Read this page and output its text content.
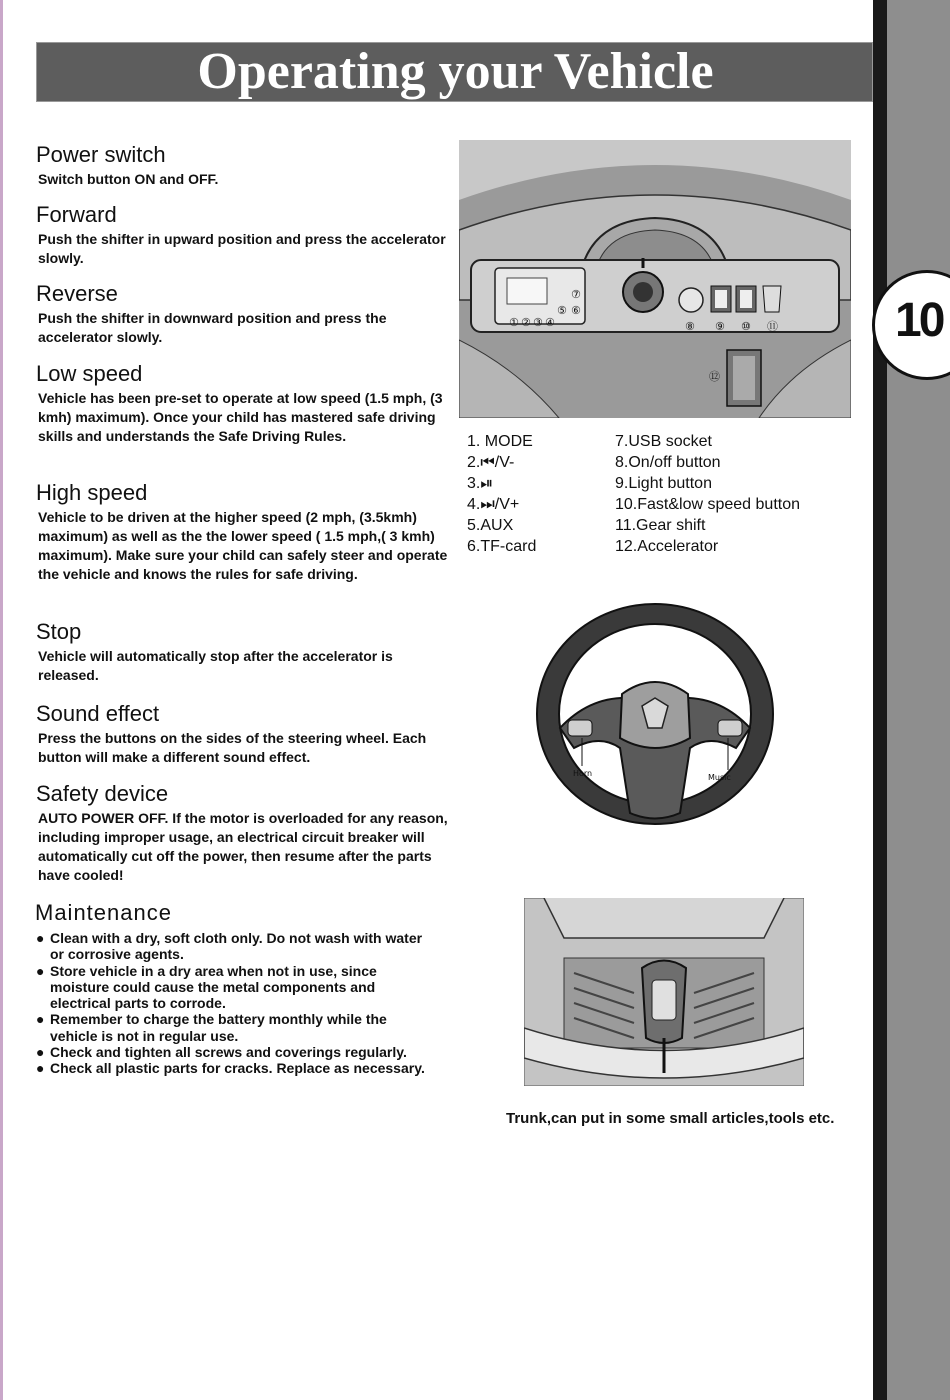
10
Operating your Vehicle
Power switch

Switch button ON and OFF.

Forward

Push the shifter in upward position and press the accelerator slowly.

Reverse

Push the shifter in downward position and press the accelerator slowly.

Low speed

Vehicle has been pre-set to operate at low speed (1.5 mph, (3 kmh) maximum). Once your child has mastered safe driving skills and understands the Safe Driving Rules.

High speed

Vehicle to be driven at the higher speed (2 mph, (3.5kmh) maximum) as well as the the lower speed ( 1.5 mph,( 3 kmh) maximum). Make sure your child can safely steer and operate the vehicle and knows the rules for safe driving.

Stop

Vehicle will automatically stop after the accelerator is released.

Sound effect

Press the buttons on the sides of the steering wheel. Each button will make a different sound effect.

Safety device

AUTO POWER OFF. If the motor is overloaded for any reason, including improper usage, an electrical circuit breaker will automatically cut off the power, then resume after the parts have cooled!

Maintenance
● Clean with a dry, soft cloth only. Do not wash with water or corrosive agents.
● Store vehicle in a dry area when not in use, since moisture could cause the metal components and electrical parts to corrode.
● Remember to charge the battery monthly while the vehicle is not in regular use.
● Check and tighten all screws and coverings regularly.
● Check all plastic parts for cracks. Replace as necessary.
① ② ③ ④
⑤ ⑥
⑦
⑧ ⑨ ⑩ ⑪
⑫
1. MODE
2.⏮/V-
3.⏯
4.⏭/V+
5.AUX
6.TF-card
7.USB socket
8.On/off button
9.Light button
10.Fast&low speed button
11.Gear shift
12.Accelerator
Horn	Music
Trunk,can put in some small articles,tools etc.
